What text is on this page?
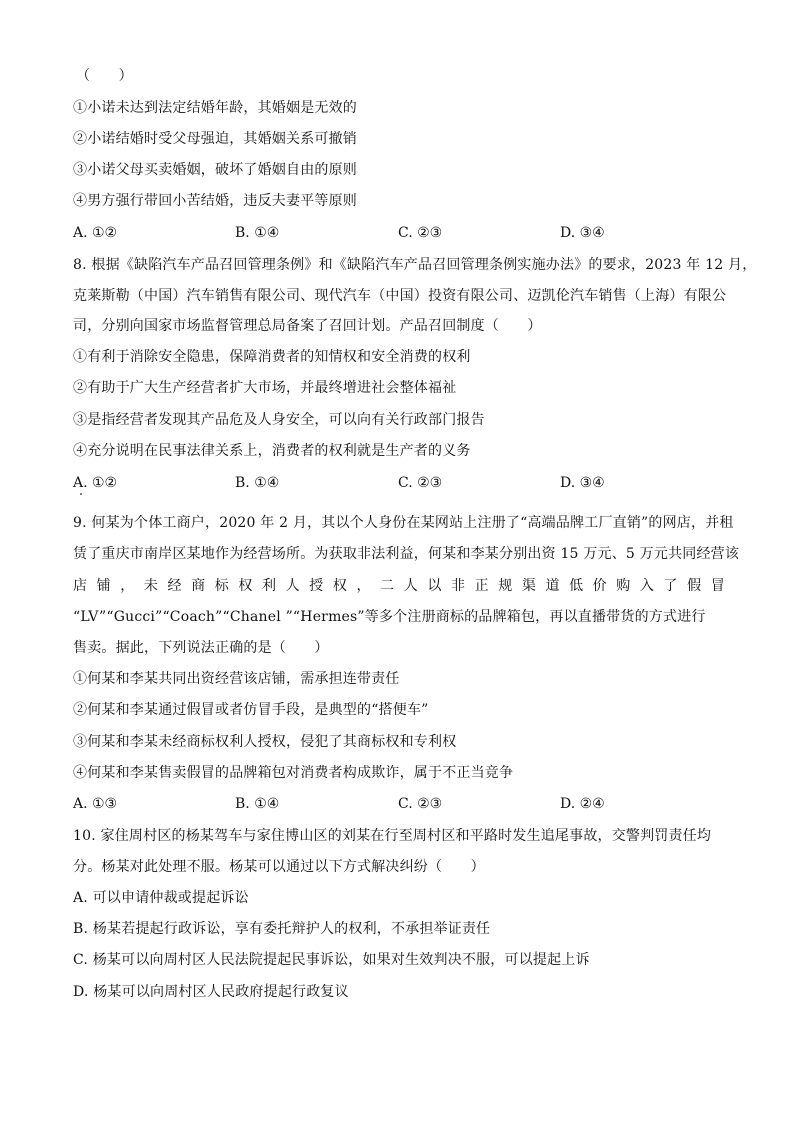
（　　）
①小诺未达到法定结婚年龄，其婚姻是无效的
②小诺结婚时受父母强迫，其婚姻关系可撤销
③小诺父母买卖婚姻，破坏了婚姻自由的原则
④男方强行带回小苦结婚，违反夫妻平等原则
A. ①②	B. ①④	C. ②③	D. ③④
8. 根据《缺陷汽车产品召回管理条例》和《缺陷汽车产品召回管理条例实施办法》的要求，2023 年 12 月，
克莱斯勒（中国）汽车销售有限公司、现代汽车（中国）投资有限公司、迈凯伦汽车销售（上海）有限公
司，分别向国家市场监督管理总局备案了召回计划。产品召回制度（　　）
①有利于消除安全隐患，保障消费者的知情权和安全消费的权利
②有助于广大生产经营者扩大市场，并最终增进社会整体福祉
③是指经营者发现其产品危及人身安全，可以向有关行政部门报告
④充分说明在民事法律关系上，消费者的权利就是生产者的义务
A. ①②	B. ①④	C. ②③	D. ③④
9. 何某为个体工商户，2020 年 2 月，其以个人身份在某网站上注册了“高端品牌工厂直销”的网店，并租
赁了重庆市南岸区某地作为经营场所。为获取非法利益，何某和李某分别出资 15 万元、5 万元共同经营该
店 铺 ， 未 经 商 标 权 利 人 授 权 ， 二 人 以 非 正 规 渠 道 低 价 购 入 了 假 冒
“LV”“Gucci”“Coach”“Chanel ”“Hermes”等多个注册商标的品牌箱包，再以直播带货的方式进行
售卖。据此，下列说法正确的是（　　）
①何某和李某共同出资经营该店铺，需承担连带责任
②何某和李某通过假冒或者仿冒手段，是典型的“搭便车”
③何某和李某未经商标权利人授权，侵犯了其商标权和专利权
④何某和李某售卖假冒的品牌箱包对消费者构成欺诈，属于不正当竞争
A. ①③	B. ①④	C. ②③	D. ②④
10. 家住周村区的杨某驾车与家住博山区的刘某在行至周村区和平路时发生追尾事故，交警判罚责任均
分。杨某对此处理不服。杨某可以通过以下方式解决纠纷（　　）
A. 可以申请仲裁或提起诉讼
B. 杨某若提起行政诉讼，享有委托辩护人的权利，不承担举证责任
C. 杨某可以向周村区人民法院提起民事诉讼，如果对生效判决不服，可以提起上诉
D. 杨某可以向周村区人民政府提起行政复议
